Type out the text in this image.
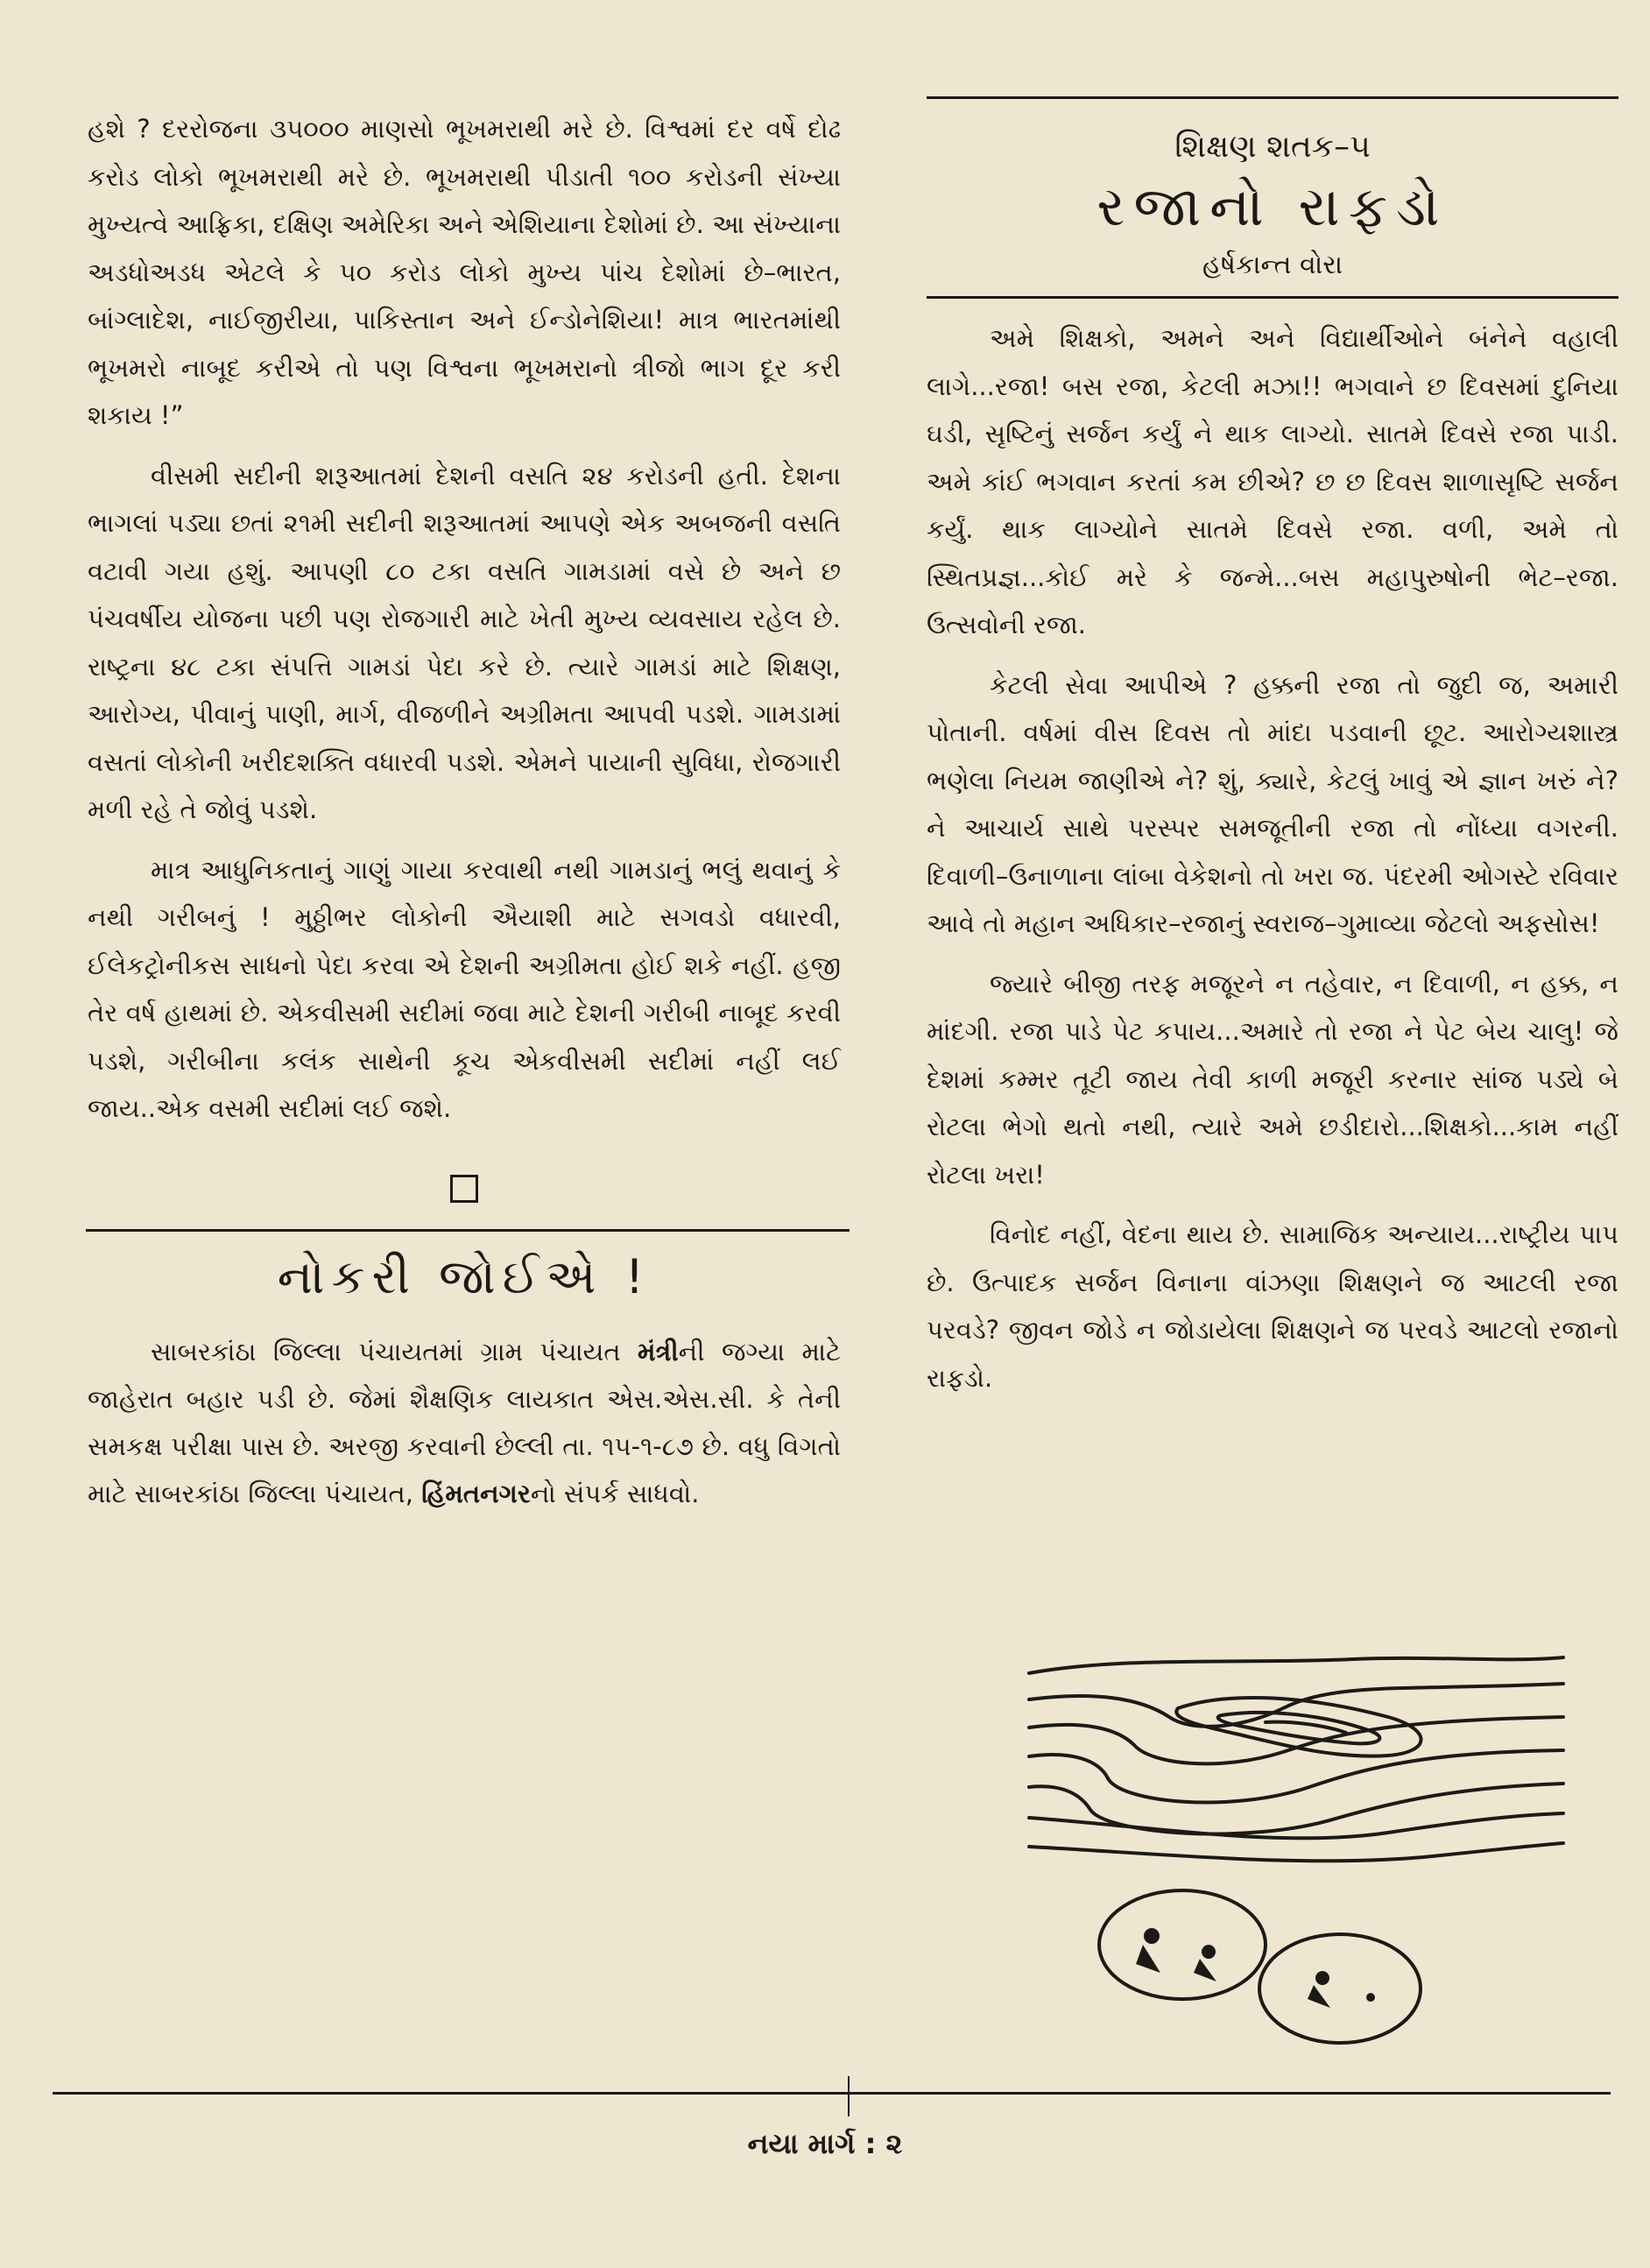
હશે ? દરરોજના ૩૫૦૦૦ માણસો ભૂખમરાથી મરે છે. વિશ્વમાં દર વર્ષે દોઢ કરોડ લોકો ભૂખમરાથી મરે છે. ભૂખમરાથી પીડાતી ૧૦૦ કરોડની સંખ્યા મુખ્યત્વે આફ્રિકા, દક્ષિણ અમેરિકા અને એશિયાના દેશોમાં છે. આ સંખ્યાના અડધોઅડધ એટલે કે ૫૦ કરોડ લોકો મુખ્ય પાંચ દેશોમાં છે–ભારત, બાંગ્લાદેશ, નાઈજીરીયા, પાકિસ્તાન અને ઈન્ડોનેશિયા! માત્ર ભારતમાંથી ભૂખમરો નાબૂદ કરીએ તો પણ વિશ્વના ભૂખમરાનો ત્રીજો ભાગ દૂર કરી શકાય !”

વીસમી સદીની શરૂઆતમાં દેશની વસતિ ૨૪ કરોડની હતી. દેશના ભાગલાં પડ્યા છતાં ૨૧મી સદીની શરૂઆતમાં આપણે એક અબજની વસતિ વટાવી ગયા હશું. આપણી ૮૦ ટકા વસતિ ગામડામાં વસે છે અને છ પંચવર્ષીય યોજના પછી પણ રોજગારી માટે ખેતી મુખ્ય વ્યવસાય રહેલ છે. રાષ્ટ્રના ૪૮ ટકા સંપત્તિ ગામડાં પેદા કરે છે. ત્યારે ગામડાં માટે શિક્ષણ, આરોગ્ય, પીવાનું પાણી, માર્ગ, વીજળીને અગ્રીમતા આપવી પડશે. ગામડામાં વસતાં લોકોની ખરીદશક્તિ વધારવી પડશે. એમને પાયાની સુવિધા, રોજગારી મળી રહે તે જોવું પડશે.

માત્ર આધુનિકતાનું ગાણું ગાયા કરવાથી નથી ગામડાનું ભલું થવાનું કે નથી ગરીબનું ! મુઠ્ઠીભર લોકોની ઐયાશી માટે સગવડો વધારવી, ઈલેકટ્રોનીકસ સાધનો પેદા કરવા એ દેશની અગ્રીમતા હોઈ શકે નહીં. હજી તેર વર્ષ હાથમાં છે. એકવીસમી સદીમાં જવા માટે દેશની ગરીબી નાબૂદ કરવી પડશે, ગરીબીના કલંક સાથેની કૂચ એકવીસમી સદીમાં નહીં લઈ જાય..એક વસમી સદીમાં લઈ જશે.

નોકરી જોઈએ !

સાબરકાંઠા જિલ્લા પંચાયતમાં ગ્રામ પંચાયત મંત્રીની જગ્યા માટે જાહેરાત બહાર પડી છે. જેમાં શૈક્ષણિક લાયકાત એસ.એસ.સી. કે તેની સમકક્ષ પરીક્ષા પાસ છે. અરજી કરવાની છેલ્લી તા. ૧૫-૧-૮૭ છે. વધુ વિગતો માટે સાબરકાંઠા જિલ્લા પંચાયત, હિંમતનગરનો સંપર્ક સાધવો.

શિક્ષણ શતક–૫
રજાનો રાફડો
હર્ષકાન્ત વોરા

અમે શિક્ષકો, અમને અને વિદ્યાર્થીઓને બંનેને વહાલી લાગે...રજા! બસ રજા, કેટલી મઝા!! ભગવાને છ દિવસમાં દુનિયા ઘડી, સૃષ્ટિનું સર્જન કર્યું ને થાક લાગ્યો. સાતમે દિવસે રજા પાડી. અમે કાંઈ ભગવાન કરતાં કમ છીએ? છ છ દિવસ શાળાસૃષ્ટિ સર્જન કર્યું. થાક લાગ્યોને સાતમે દિવસે રજા. વળી, અમે તો સ્થિતપ્રજ્ઞ...કોઈ મરે કે જન્મે...બસ મહાપુરુષોની ભેટ–રજા. ઉત્સવોની રજા.

કેટલી સેવા આપીએ ? હક્કની રજા તો જુદી જ, અમારી પોતાની. વર્ષમાં વીસ દિવસ તો માંદા પડવાની છૂટ. આરોગ્યશાસ્ત્ર ભણેલા નિયમ જાણીએ ને? શું, ક્યારે, કેટલું ખાવું એ જ્ઞાન ખરું ને? ને આચાર્ય સાથે પરસ્પર સમજૂતીની રજા તો નોંધ્યા વગરની. દિવાળી–ઉનાળાના લાંબા વેકેશનો તો ખરા જ. પંદરમી ઓગસ્ટે રવિવાર આવે તો મહાન અધિકાર–રજાનું સ્વરાજ–ગુમાવ્યા જેટલો અફસોસ!

જ્યારે બીજી તરફ મજૂરને ન તહેવાર, ન દિવાળી, ન હક્ક, ન માંદગી. રજા પાડે પેટ કપાય...અમારે તો રજા ને પેટ બેય ચાલુ! જે દેશમાં કમ્મર તૂટી જાય તેવી કાળી મજૂરી કરનાર સાંજ પડ્યે બે રોટલા ભેગો થતો નથી, ત્યારે અમે છડીદારો...શિક્ષકો...કામ નહીં રોટલા ખરા!

વિનોદ નહીં, વેદના થાય છે. સામાજિક અન્યાય...રાષ્ટ્રીય પાપ છે. ઉત્પાદક સર્જન વિનાના વાંઝણા શિક્ષણને જ આટલી રજા પરવડે? જીવન જોડે ન જોડાયેલા શિક્ષણને જ પરવડે આટલો રજાનો રાફડો.

નયા માર્ગ : ૨
